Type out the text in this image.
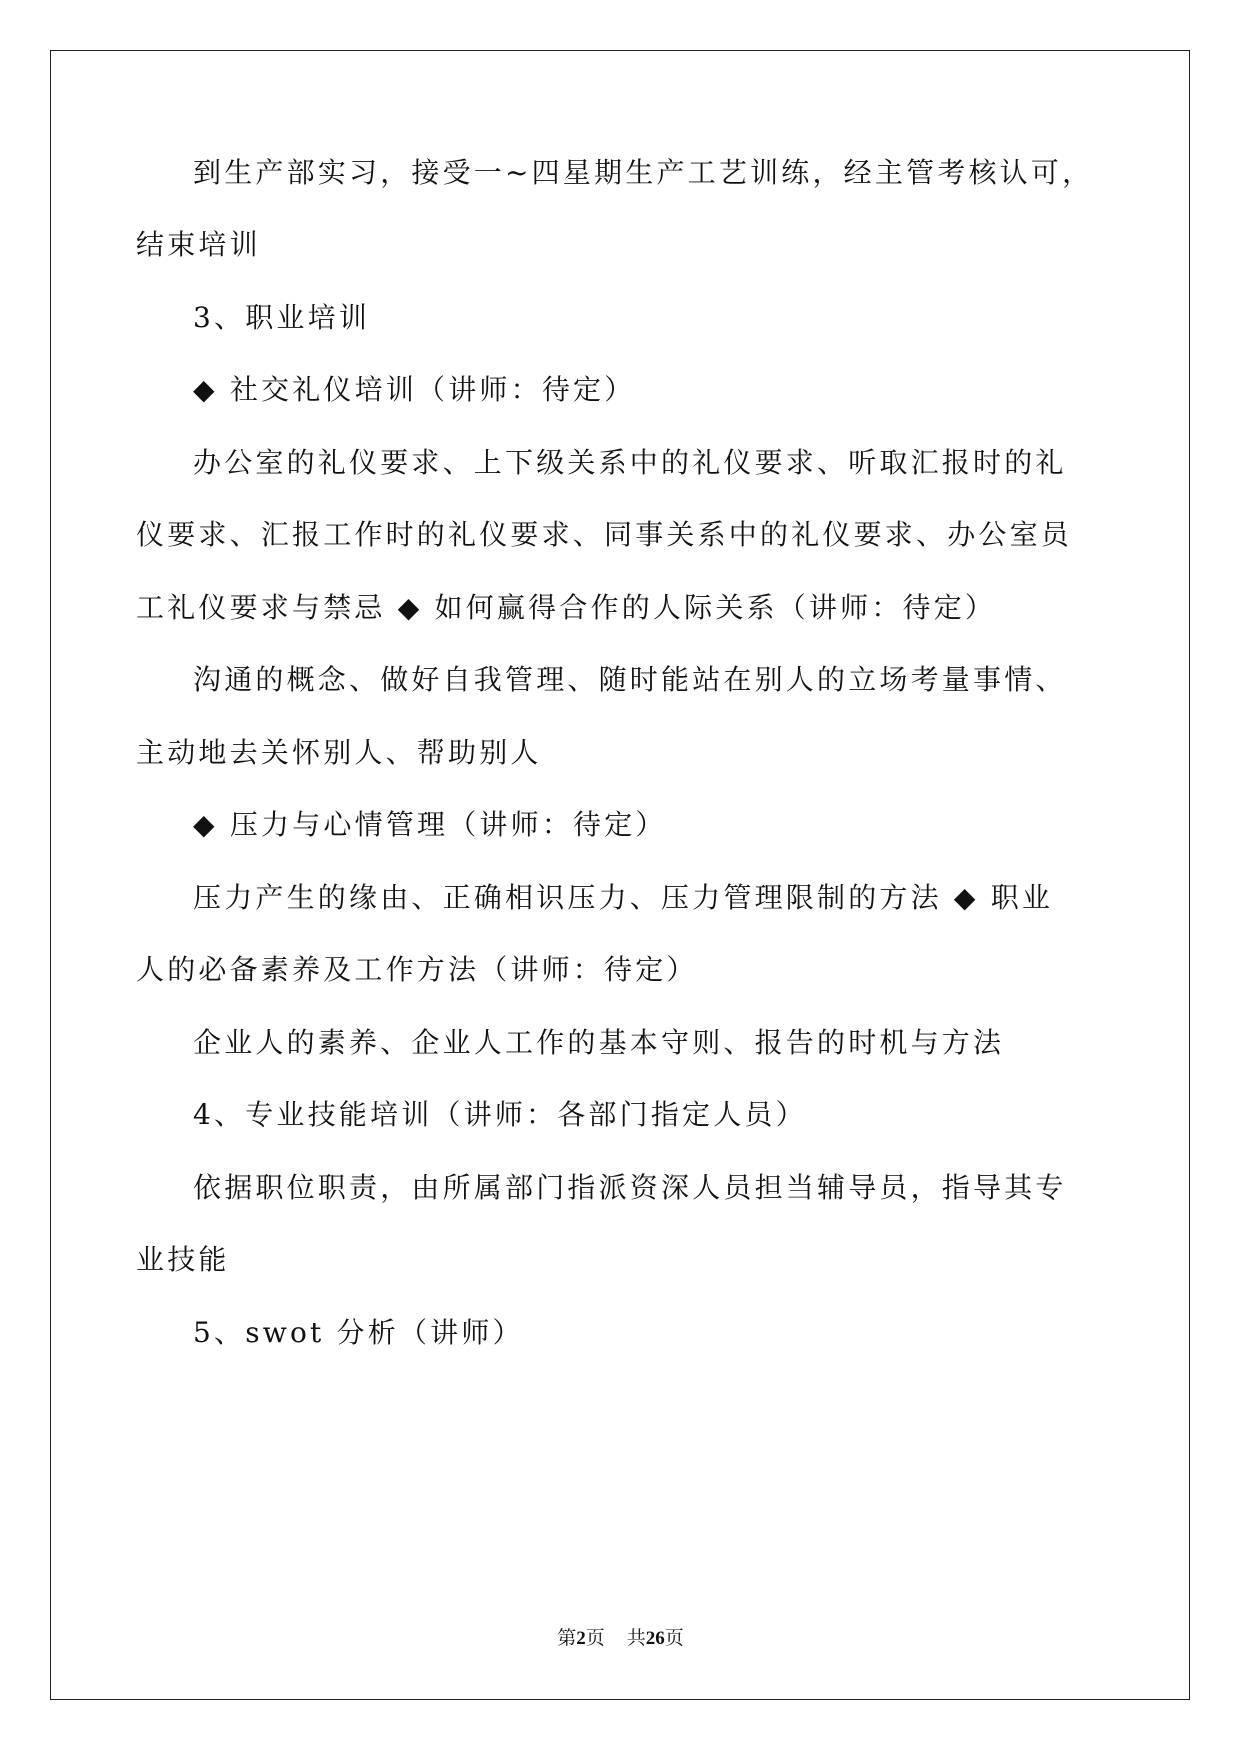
到生产部实习，接受一~四星期生产工艺训练，经主管考核认可，
结束培训
3、职业培训
◆ 社交礼仪培训（讲师：待定）
办公室的礼仪要求、上下级关系中的礼仪要求、听取汇报时的礼
仪要求、汇报工作时的礼仪要求、同事关系中的礼仪要求、办公室员
工礼仪要求与禁忌 ◆ 如何赢得合作的人际关系（讲师：待定）
沟通的概念、做好自我管理、随时能站在别人的立场考量事情、
主动地去关怀别人、帮助别人
◆ 压力与心情管理（讲师：待定）
压力产生的缘由、正确相识压力、压力管理限制的方法 ◆ 职业
人的必备素养及工作方法（讲师：待定）
企业人的素养、企业人工作的基本守则、报告的时机与方法
4、专业技能培训（讲师：各部门指定人员）
依据职位职责，由所属部门指派资深人员担当辅导员，指导其专
业技能
5、swot 分析（讲师）
第2页 共26页
